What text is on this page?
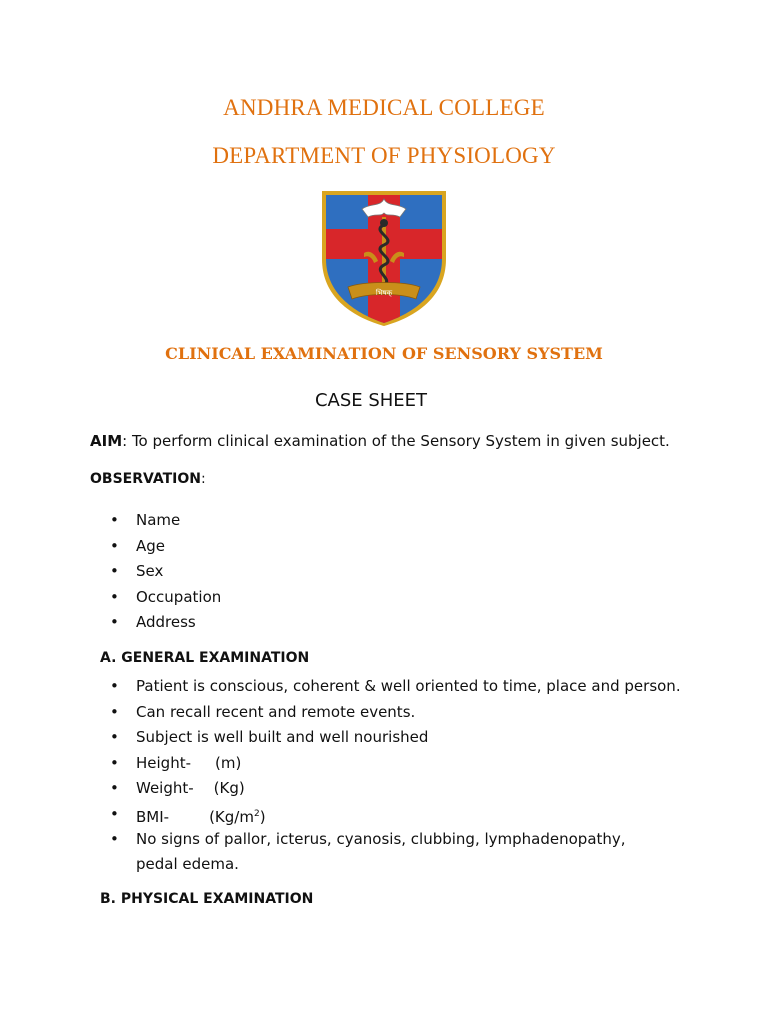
ANDHRA MEDICAL COLLEGE
DEPARTMENT OF PHYSIOLOGY
भिषक्
CLINICAL EXAMINATION OF SENSORY SYSTEM
CASE SHEET
AIM: To perform clinical examination of the Sensory System in given subject.
OBSERVATION:
• Name
• Age
• Sex
• Occupation
• Address
A. GENERAL EXAMINATION
• Patient is conscious, coherent & well oriented to time, place and person.
• Can recall recent and remote events.
• Subject is well built and well nourished
• Height- (m)
• Weight- (Kg)
• BMI-	$(Kg/m^2)$
• No signs of pallor, icterus, cyanosis, clubbing, lymphadenopathy, pedal edema.
B. PHYSICAL EXAMINATION
